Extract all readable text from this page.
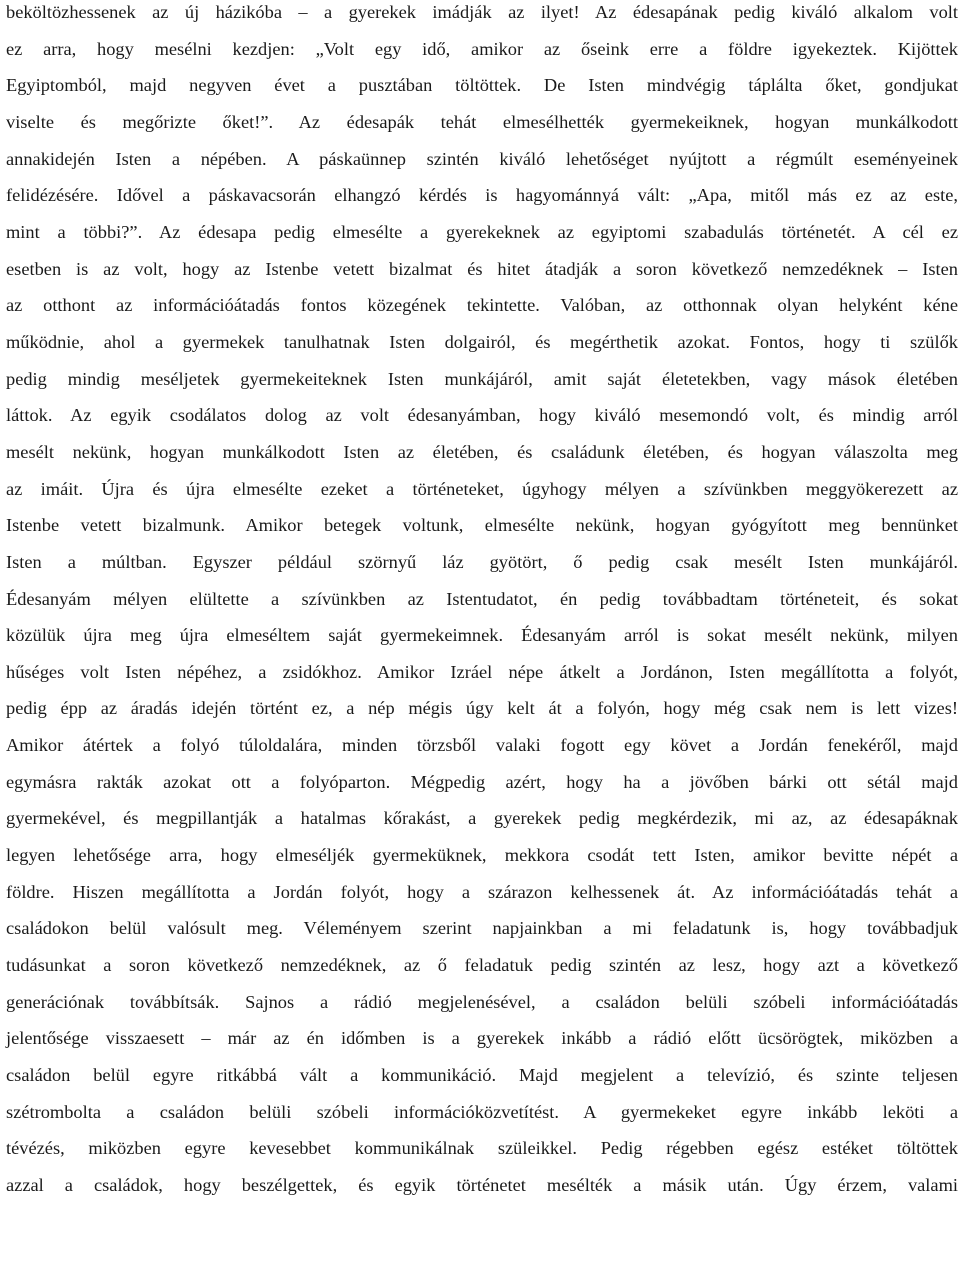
beköltözhessenek az új házikóba – a gyerekek imádják az ilyet! Az édesapának pedig kiváló alkalom volt
ez arra, hogy mesélni kezdjen: „Volt egy idő, amikor az őseink erre a földre igyekeztek. Kijöttek
Egyiptomból, majd negyven évet a pusztában töltöttek. De Isten mindvégig táplálta őket, gondjukat
viselte és megőrizte őket!”. Az édesapák tehát elmesélhették gyermekeiknek, hogyan munkálkodott
annakidején Isten a népében. A páskaünnep szintén kiváló lehetőséget nyújtott a régmúlt eseményeinek
felidézésére. Idővel a páskavacsorán elhangzó kérdés is hagyománnyá vált: „Apa, mitől más ez az este,
mint a többi?”. Az édesapa pedig elmesélte a gyerekeknek az egyiptomi szabadulás történetét. A cél ez
esetben is az volt, hogy az Istenbe vetett bizalmat és hitet átadják a soron következő nemzedéknek – Isten
az otthont az információátadás fontos közegének tekintette. Valóban, az otthonnak olyan helyként kéne
működnie, ahol a gyermekek tanulhatnak Isten dolgairól, és megérthetik azokat. Fontos, hogy ti szülők
pedig mindig meséljetek gyermekeiteknek Isten munkájáról, amit saját életetekben, vagy mások életében
láttok. Az egyik csodálatos dolog az volt édesanyámban, hogy kiváló mesemondó volt, és mindig arról
mesélt nekünk, hogyan munkálkodott Isten az életében, és családunk életében, és hogyan válaszolta meg
az imáit. Újra és újra elmesélte ezeket a történeteket, úgyhogy mélyen a szívünkben meggyökerezett az
Istenbe vetett bizalmunk. Amikor betegek voltunk, elmesélte nekünk, hogyan gyógyított meg bennünket
Isten a múltban. Egyszer például szörnyű láz gyötört, ő pedig csak mesélt Isten munkájáról.
Édesanyám mélyen elültette a szívünkben az Istentudatot, én pedig továbbadtam történeteit, és sokat
közülük újra meg újra elmeséltem saját gyermekeimnek. Édesanyám arról is sokat mesélt nekünk, milyen
hűséges volt Isten népéhez, a zsidókhoz. Amikor Izráel népe átkelt a Jordánon, Isten megállította a folyót,
pedig épp az áradás idején történt ez, a nép mégis úgy kelt át a folyón, hogy még csak nem is lett vizes!
Amikor átértek a folyó túloldalára, minden törzsből valaki fogott egy követ a Jordán fenekéről, majd
egymásra rakták azokat ott a folyóparton. Mégpedig azért, hogy ha a jövőben bárki ott sétál majd
gyermekével, és megpillantják a hatalmas kőrakást, a gyerekek pedig megkérdezik, mi az, az édesapáknak
legyen lehetősége arra, hogy elmeséljék gyermeküknek, mekkora csodát tett Isten, amikor bevitte népét a
földre. Hiszen megállította a Jordán folyót, hogy a szárazon kelhessenek át. Az információátadás tehát a
családokon belül valósult meg. Véleményem szerint napjainkban a mi feladatunk is, hogy továbbadjuk
tudásunkat a soron következő nemzedéknek, az ő feladatuk pedig szintén az lesz, hogy azt a következő
generációnak továbbítsák. Sajnos a rádió megjelenésével, a családon belüli szóbeli információátadás
jelentősége visszaesett – már az én időmben is a gyerekek inkább a rádió előtt ücsörögtek, miközben a
családon belül egyre ritkábbá vált a kommunikáció. Majd megjelent a televízió, és szinte teljesen
szétrombolta a családon belüli szóbeli információközvetítést. A gyermekeket egyre inkább leköti a
tévézés, miközben egyre kevesebbet kommunikálnak szüleikkel. Pedig régebben egész estéket töltöttek
azzal a családok, hogy beszélgettek, és egyik történetet mesélték a másik után. Úgy érzem, valami
